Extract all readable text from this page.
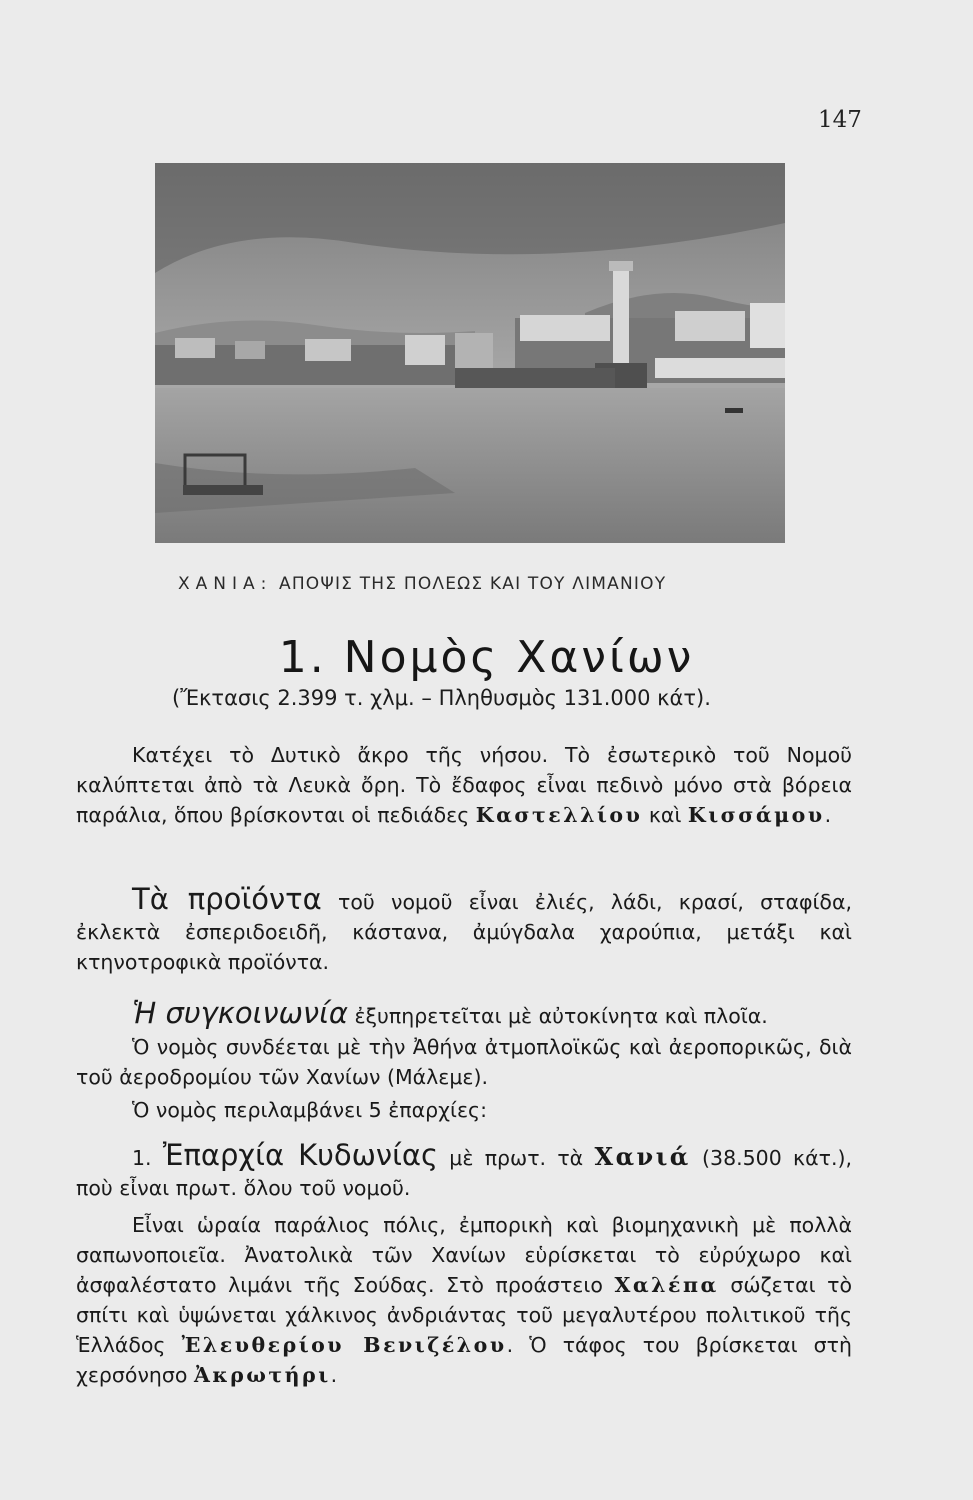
147
ΧΑΝΙΑ: ΑΠΟΨΙΣ ΤΗΣ ΠΟΛΕΩΣ ΚΑΙ ΤΟΥ ΛΙΜΑΝΙΟΥ
1. Νομὸς Χανίων
(Ἔκτασις 2.399 τ. χλμ. – Πληθυσμὸς 131.000 κάτ).

Κατέχει τὸ Δυτικὸ ἄκρο τῆς νήσου. Τὸ ἐσωτερικὸ τοῦ Νομοῦ καλύπτεται ἀπὸ τὰ Λευκὰ ὄρη. Τὸ ἔδαφος εἶναι πεδινὸ μόνο στὰ βόρεια παράλια, ὅπου βρίσκονται οἱ πεδιάδες Καστελλίου καὶ Κισσάμου.

Τὰ προϊόντα τοῦ νομοῦ εἶναι ἐλιές, λάδι, κρασί, σταφίδα, ἐκλεκτὰ ἐσπεριδοειδῆ, κάστανα, ἀμύγδαλα χαρούπια, μετάξι καὶ κτηνοτροφικὰ προϊόντα.

Ἡ συγκοινωνία ἐξυπηρετεῖται μὲ αὐτοκίνητα καὶ πλοῖα.

Ὁ νομὸς συνδέεται μὲ τὴν Ἀθήνα ἀτμοπλοϊκῶς καὶ ἀεροπορικῶς, διὰ τοῦ ἀεροδρομίου τῶν Χανίων (Μάλεμε).

Ὁ νομὸς περιλαμβάνει 5 ἐπαρχίες:

1. Ἐπαρχία Κυδωνίας μὲ πρωτ. τὰ Χανιά (38.500 κάτ.), ποὺ εἶναι πρωτ. ὅλου τοῦ νομοῦ.

Εἶναι ὡραία παράλιος πόλις, ἐμπορικὴ καὶ βιομηχανικὴ μὲ πολλὰ σαπωνοποιεῖα. Ἀνατολικὰ τῶν Χανίων εὑρίσκεται τὸ εὐρύχωρο καὶ ἀσφαλέστατο λιμάνι τῆς Σούδας. Στὸ προάστειο Χαλέπα σώζεται τὸ σπίτι καὶ ὑψώνεται χάλκινος ἀνδριάντας τοῦ μεγαλυτέρου πολιτικοῦ τῆς Ἑλλάδος Ἐλευθερίου Βενιζέλου. Ὁ τάφος του βρίσκεται στὴ χερσόνησο Ἀκρωτήρι.
